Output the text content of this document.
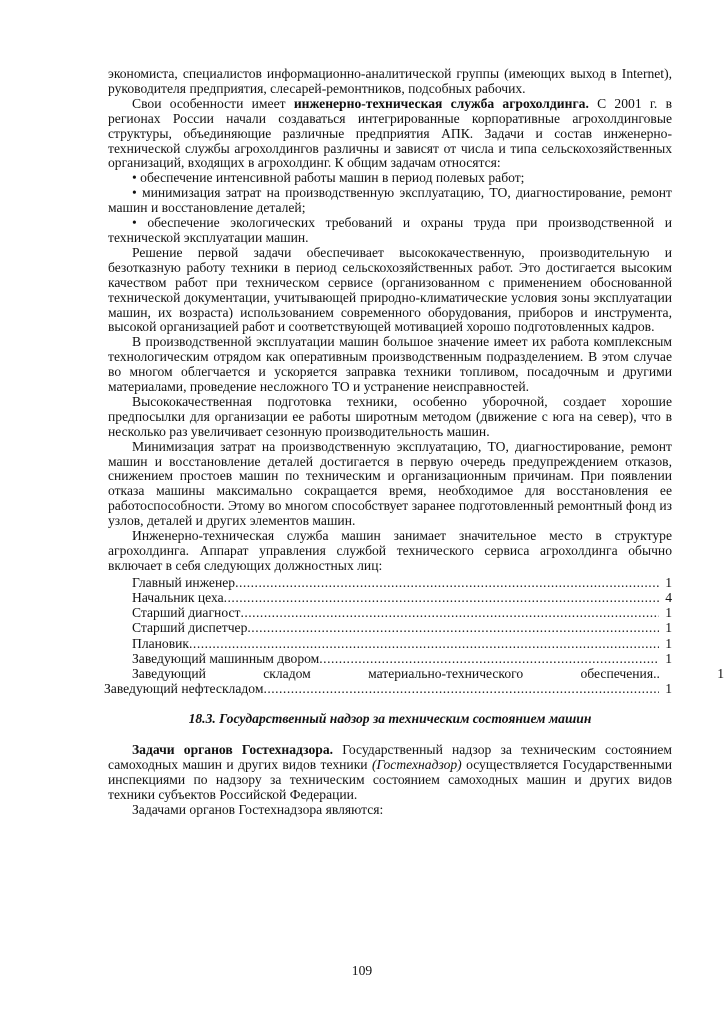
экономиста, специалистов информационно-аналитической группы (имеющих выход в Internet), руководителя предприятия, слесарей-ремонтников, подсобных рабочих.

Свои особенности имеет инженерно-техническая служба агрохолдинга. С 2001 г. в регионах России начали создаваться интегрированные корпоративные агрохолдинговые структуры, объединяющие различные предприятия АПК. Задачи и состав инженерно-технической службы агрохолдингов различны и зависят от числа и типа сельскохозяйственных организаций, входящих в агрохолдинг. К общим задачам относятся:

• обеспечение интенсивной работы машин в период полевых работ;

• минимизация затрат на производственную эксплуатацию, ТО, диагностирование, ремонт машин и восстановление деталей;

• обеспечение экологических требований и охраны труда при производственной и технической эксплуатации машин.

Решение первой задачи обеспечивает высококачественную, производительную и безотказную работу техники в период сельскохозяйственных работ. Это достигается высоким качеством работ при техническом сервисе (организованном с применением обоснованной технической документации, учитывающей природно-климатические условия зоны эксплуатации машин, их возраста) использованием современного оборудования, приборов и инструмента, высокой организацией работ и соответствующей мотивацией хорошо подготовленных кадров.

В производственной эксплуатации машин большое значение имеет их работа комплексным технологическим отрядом как оперативным производственным подразделением. В этом случае во многом облегчается и ускоряется заправка техники топливом, посадочным и другими материалами, проведение несложного ТО и устранение неисправностей.

Высококачественная подготовка техники, особенно уборочной, создает хорошие предпосылки для организации ее работы широтным методом (движение с юга на север), что в несколько раз увеличивает сезонную производительность машин.

Минимизация затрат на производственную эксплуатацию, ТО, диагностирование, ремонт машин и восстановление деталей достигается в первую очередь предупреждением отказов, снижением простоев машин по техническим и организационным причинам. При появлении отказа машины максимально сокращается время, необходимое для восстановления ее работоспособности. Этому во многом способствует заранее подготовленный ремонтный фонд из узлов, деталей и других элементов машин.

Инженерно-техническая служба машин занимает значительное место в структуре агрохолдинга. Аппарат управления службой технического сервиса агрохолдинга обычно включает в себя следующих должностных лиц:

Главный инженер .....	1
Начальник цеха .....	4
Старший диагност .....	1
Старший диспетчер .....	1
Плановик .....	1
Заведующий машинным двором .....	1
Заведующий	складом	материально-технического	обеспечения..	1
Заведующий нефтескладом .....	1

18.3. Государственный надзор за техническим состоянием машин

Задачи органов Гостехнадзора. Государственный надзор за техническим состоянием самоходных машин и других видов техники (Гостехнадзор) осуществляется Государственными инспекциями по надзору за техническим состоянием самоходных машин и других видов техники субъектов Российской Федерации.

Задачами органов Гостехнадзора являются:

109
